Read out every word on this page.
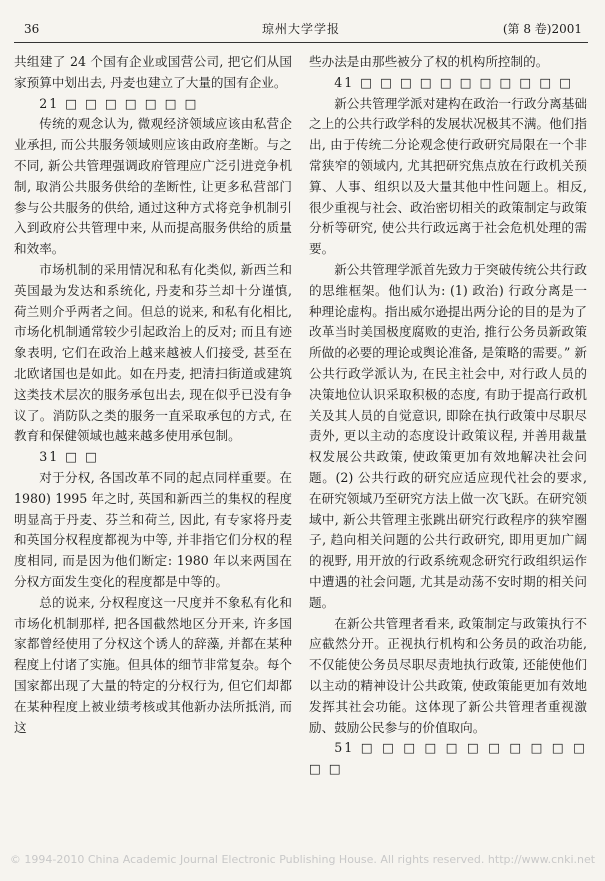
36	琼州大学学报	(第 8 卷)2001

共组建了 24 个国有企业或国营公司, 把它们从国家预算中划出去, 丹麦也建立了大量的国有企业。

21 □ □ □ □ □ □ □

传统的观念认为, 微观经济领域应该由私营企业承担, 而公共服务领域则应该由政府垄断。与之不同, 新公共管理强调政府管理应广泛引进竞争机制, 取消公共服务供给的垄断性, 让更多私营部门参与公共服务的供给, 通过这种方式将竞争机制引入到政府公共管理中来, 从而提高服务供给的质量和效率。

市场机制的采用情况和私有化类似, 新西兰和英国最为发达和系统化, 丹麦和芬兰却十分谨慎, 荷兰则介乎两者之间。但总的说来, 和私有化相比, 市场化机制通常较少引起政治上的反对; 而且有迹象表明, 它们在政治上越来越被人们接受, 甚至在北欧诸国也是如此。如在丹麦, 把清扫街道或建筑这类技术层次的服务承包出去, 现在似乎已没有争议了。消防队之类的服务一直采取承包的方式, 在教育和保健领域也越来越多使用承包制。

31 □ □

对于分权, 各国改革不同的起点同样重要。在 1980) 1995 年之时, 英国和新西兰的集权的程度明显高于丹麦、芬兰和荷兰, 因此, 有专家将丹麦和英国分权程度都视为中等, 并非指它们分权的程度相同, 而是因为他们断定: 1980 年以来两国在分权方面发生变化的程度都是中等的。

总的说来, 分权程度这一尺度并不象私有化和市场化机制那样, 把各国截然地区分开来, 许多国家都曾经使用了分权这个诱人的辞藻, 并都在某种程度上付诸了实施。但具体的细节非常复杂。每个国家都出现了大量的特定的分权行为, 但它们却都在某种程度上被业绩考核或其他新办法所抵消, 而这

些办法是由那些被分了权的机构所控制的。

41 □ □ □ □ □ □ □ □ □ □ □

新公共管理学派对建构在政治一行政分离基础之上的公共行政学科的发展状况极其不满。他们指出, 由于传统二分论观念使行政研究局限在一个非常狭窄的领域内, 尤其把研究焦点放在行政机关预算、人事、组织以及大量其他中性问题上。相反, 很少重视与社会、政治密切相关的政策制定与政策分析等研究, 使公共行政远离于社会危机处理的需要。

新公共管理学派首先致力于突破传统公共行政的思维框架。他们认为: (1) 政治) 行政分离是一种理论虚构。指出威尔逊提出两分论的目的是为了改革当时美国极度腐败的吏治, 推行公务员新政策所做的必要的理论或舆论准备, 是策略的需要。” 新公共行政学派认为, 在民主社会中, 对行政人员的决策地位认识采取积极的态度, 有助于提高行政机关及其人员的自觉意识, 即除在执行政策中尽职尽责外, 更以主动的态度设计政策议程, 并善用裁量权发展公共政策, 使政策更加有效地解决社会问题。(2) 公共行政的研究应适应现代社会的要求, 在研究领域乃至研究方法上做一次飞跃。在研究领域中, 新公共管理主张跳出研究行政程序的狭窄圈子, 趋向相关问题的公共行政研究, 即用更加广阔的视野, 用开放的行政系统观念研究行政组织运作中遭遇的社会问题, 尤其是动荡不安时期的相关问题。

在新公共管理者看来, 政策制定与政策执行不应截然分开。正视执行机构和公务员的政治功能, 不仅能使公务员尽职尽责地执行政策, 还能使他们以主动的精神设计公共政策, 使政策能更加有效地发挥其社会功能。这体现了新公共管理者重视激励、鼓励公民参与的价值取向。

51 □ □ □ □ □ □ □ □ □ □ □ □ □
© 1994-2010 China Academic Journal Electronic Publishing House. All rights reserved. http://www.cnki.net
